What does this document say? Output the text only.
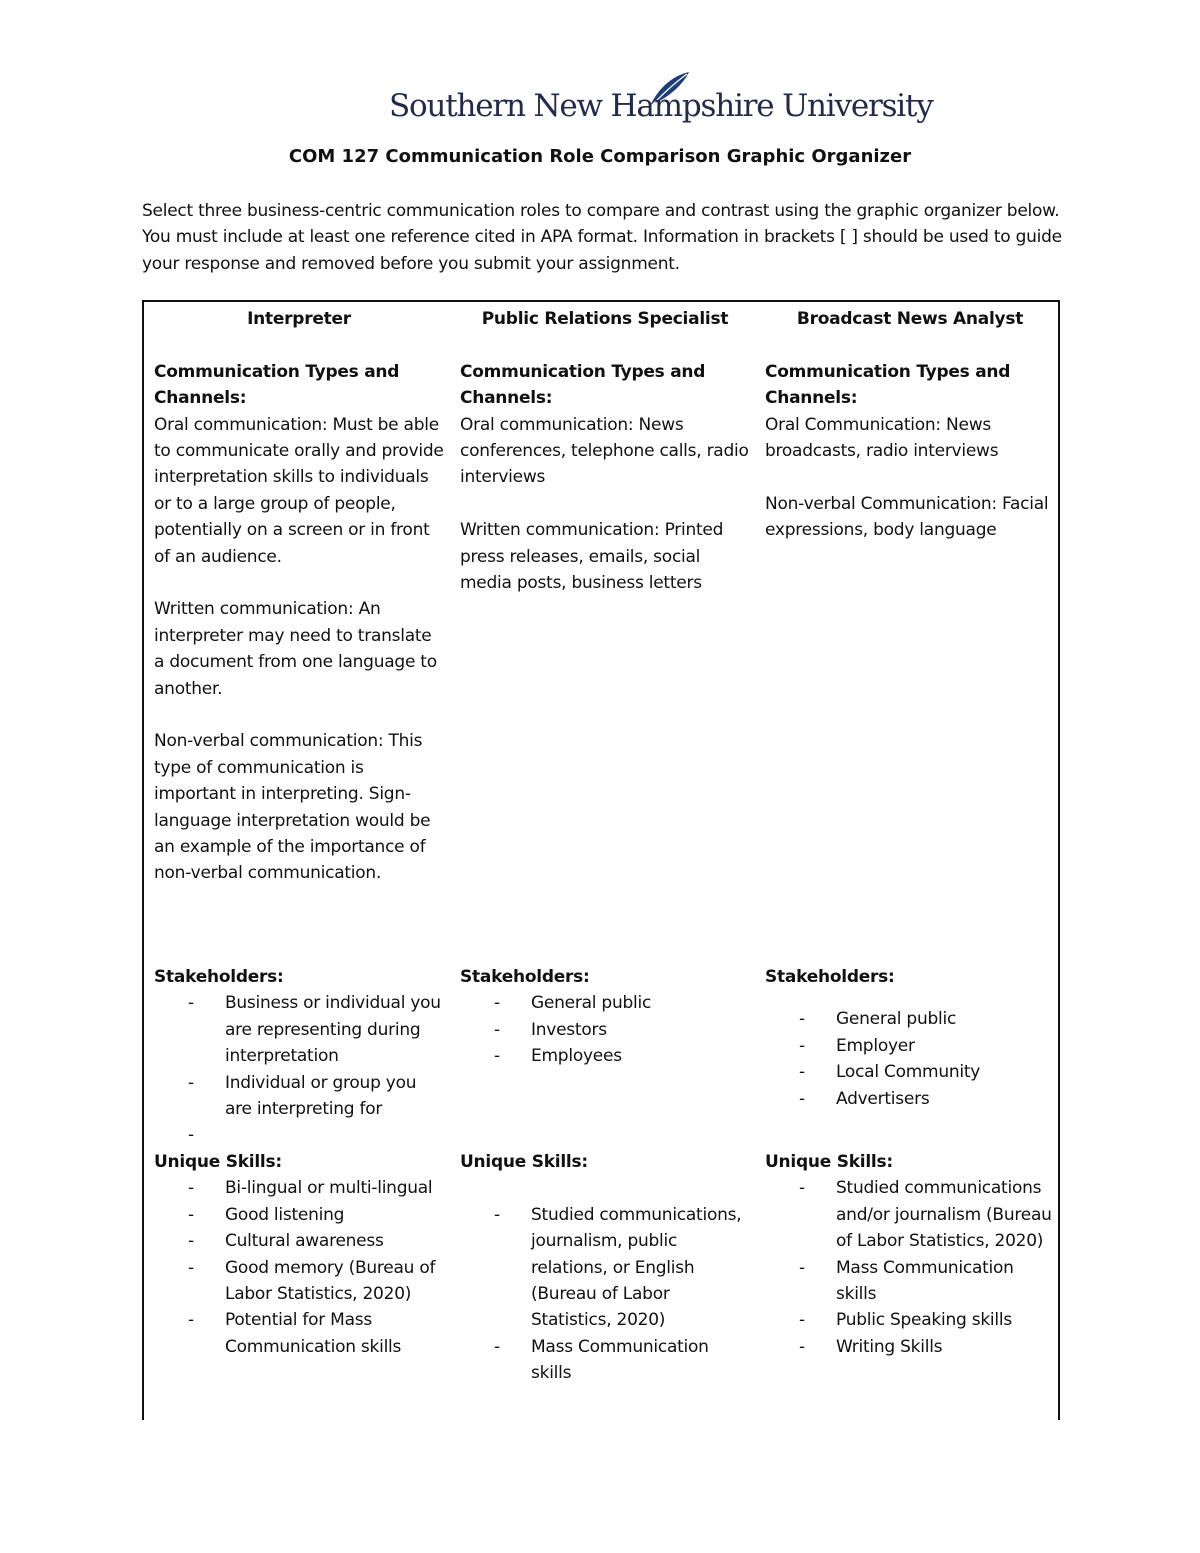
Southern New Hampshire University
COM 127 Communication Role Comparison Graphic Organizer
Select three business-centric communication roles to compare and contrast using the graphic organizer below. You must include at least one reference cited in APA format. Information in brackets [ ] should be used to guide your response and removed before you submit your assignment.
Interpreter

Communication Types and Channels:

Oral communication: Must be able to communicate orally and provide interpretation skills to individuals or to a large group of people, potentially on a screen or in front of an audience.

Written communication: An interpreter may need to translate a document from one language to another.

Non-verbal communication: This type of communication is important in interpreting. Sign-language interpretation would be an example of the importance of non-verbal communication.

Stakeholders:

- Business or individual you are representing during interpretation
- Individual or group you are interpreting for
-

Unique Skills:

- Bi-lingual or multi-lingual
- Good listening
- Cultural awareness
- Good memory (Bureau of Labor Statistics, 2020)
- Potential for Mass Communication skills
Public Relations Specialist

Communication Types and Channels:

Oral communication: News conferences, telephone calls, radio interviews

Written communication: Printed press releases, emails, social media posts, business letters

Stakeholders:

- General public
- Investors
- Employees

Unique Skills:

- Studied communications, journalism, public relations, or English (Bureau of Labor Statistics, 2020)
- Mass Communication skills
Broadcast News Analyst

Communication Types and Channels:

Oral Communication: News broadcasts, radio interviews

Non-verbal Communication: Facial expressions, body language

Stakeholders:

- General public
- Employer
- Local Community
- Advertisers

Unique Skills:

- Studied communications and/or journalism (Bureau of Labor Statistics, 2020)
- Mass Communication skills
- Public Speaking skills
- Writing Skills
